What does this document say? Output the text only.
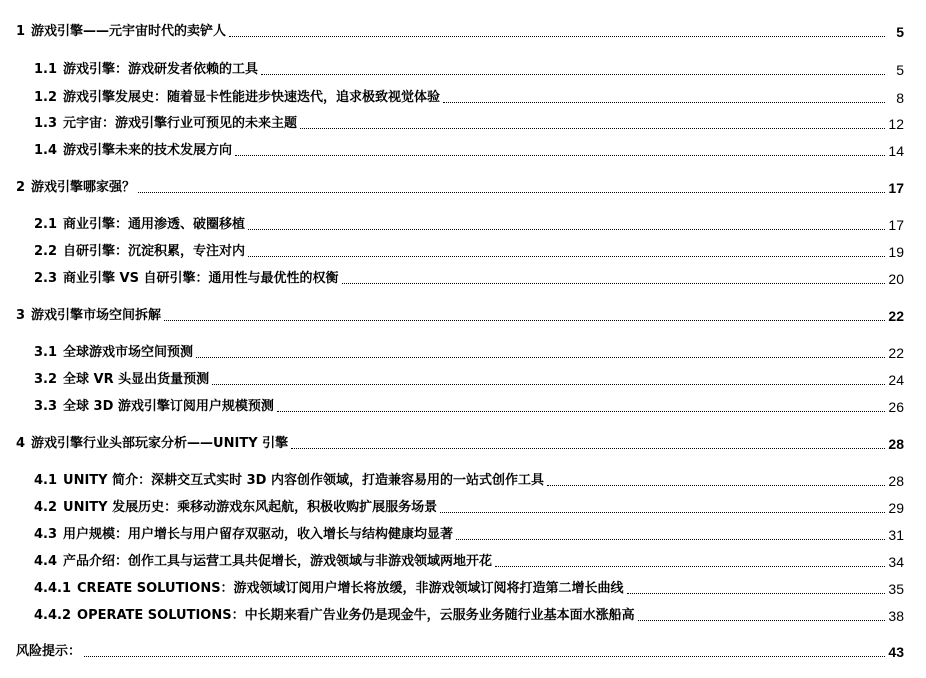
1 游戏引擎——元宇宙时代的卖铲人	5
1.1 游戏引擎：游戏研发者依赖的工具	5
1.2 游戏引擎发展史：随着显卡性能进步快速迭代，追求极致视觉体验	8
1.3 元宇宙：游戏引擎行业可预见的未来主题	12
1.4 游戏引擎未来的技术发展方向	14
2 游戏引擎哪家强？	17
2.1 商业引擎：通用渗透、破圈移植	17
2.2 自研引擎：沉淀积累，专注对内	19
2.3 商业引擎 VS 自研引擎：通用性与最优性的权衡	20
3 游戏引擎市场空间拆解	22
3.1 全球游戏市场空间预测	22
3.2 全球 VR 头显出货量预测	24
3.3 全球 3D 游戏引擎订阅用户规模预测	26
4 游戏引擎行业头部玩家分析——UNITY 引擎	28
4.1 UNITY 简介：深耕交互式实时 3D 内容创作领域，打造兼容易用的一站式创作工具	28
4.2 UNITY 发展历史：乘移动游戏东风起航，积极收购扩展服务场景	29
4.3 用户规模：用户增长与用户留存双驱动，收入增长与结构健康均显著	31
4.4 产品介绍：创作工具与运营工具共促增长，游戏领域与非游戏领域两地开花	34
4.4.1 CREATE SOLUTIONS：游戏领域订阅用户增长将放缓，非游戏领域订阅将打造第二增长曲线	35
4.4.2 OPERATE SOLUTIONS：中长期来看广告业务仍是现金牛，云服务业务随行业基本面水涨船高	38
风险提示：	43
